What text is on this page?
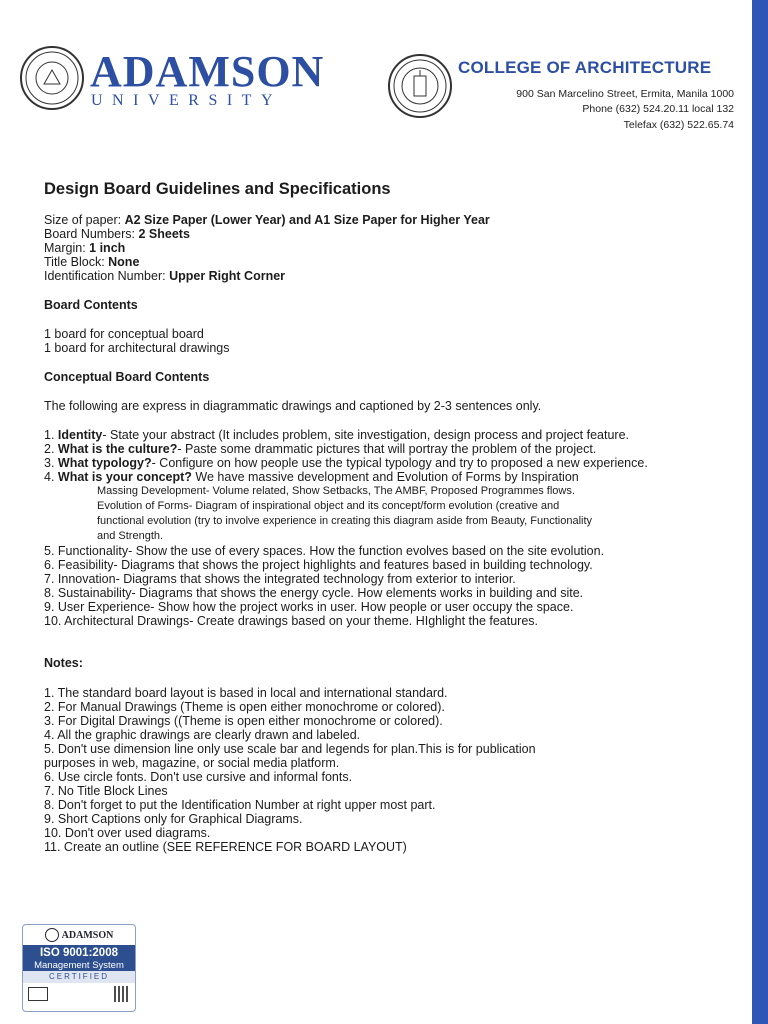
ADAMSON
UNIVERSITY
COLLEGE OF ARCHITECTURE
900 San Marcelino Street, Ermita, Manila 1000
Phone (632) 524.20.11 local 132
Telefax (632) 522.65.74
Design Board Guidelines and Specifications
Size of paper: A2 Size Paper (Lower Year) and A1 Size Paper for Higher Year
Board Numbers: 2 Sheets
Margin: 1 inch
Title Block: None
Identification Number: Upper Right Corner
Board Contents
1 board for conceptual board
1 board for architectural drawings
Conceptual Board Contents
The following are express in diagrammatic drawings and captioned by 2-3 sentences only.
1. Identity- State your abstract (It includes problem, site investigation, design process and project feature.
2. What is the culture?- Paste some drammatic pictures that will portray the problem of the project.
3. What typology?- Configure on how people use the typical typology and try to proposed a new experience.
4. What is your concept? We have massive development and Evolution of Forms by Inspiration
Massing Development- Volume related, Show Setbacks, The AMBF, Proposed Programmes flows.
Evolution of Forms- Diagram of inspirational object and its concept/form evolution (creative and
functional evolution (try to involve experience in creating this diagram aside from Beauty, Functionality
and Strength.
5. Functionality- Show the use of every spaces. How the function evolves based on the site evolution.
6. Feasibility- Diagrams that shows the project highlights and features based in building technology.
7. Innovation- Diagrams that shows the integrated technology from exterior to interior.
8. Sustainability- Diagrams that shows the energy cycle. How elements works in building and site.
9. User Experience- Show how the project works in user. How people or user occupy the space.
10. Architectural Drawings- Create drawings based on your theme. HIghlight the features.
Notes:
1. The standard board layout is based in local and international standard.
2. For Manual Drawings (Theme is open either monochrome or colored).
3. For Digital Drawings ((Theme is open either monochrome or colored).
4. All the graphic drawings are clearly drawn and labeled.
5. Don't use dimension line only use scale bar and legends for plan.This is for publication
purposes in web, magazine, or social media platform.
6. Use circle fonts. Don't use cursive and informal fonts.
7. No Title Block Lines
8. Don't forget to put the Identification Number at right upper most part.
9. Short Captions only for Graphical Diagrams.
10. Don't over used diagrams.
11. Create an outline (SEE REFERENCE FOR BOARD LAYOUT)
ADAMSON
ISO 9001:2008
Management System
CERTIFIED
